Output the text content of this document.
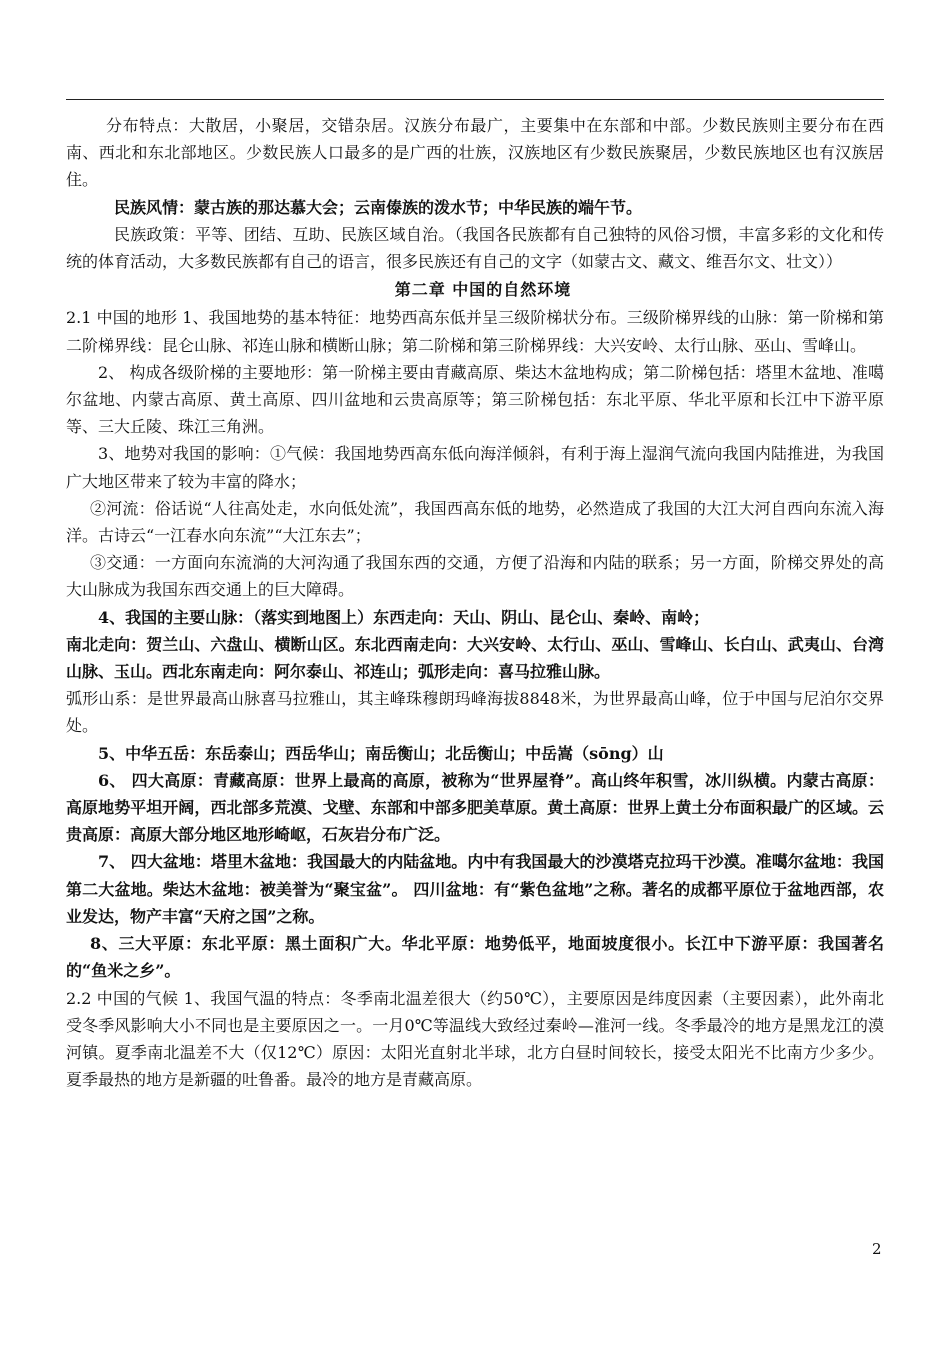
分布特点：大散居，小聚居，交错杂居。汉族分布最广，主要集中在东部和中部。少数民族则主要分布在西南、西北和东北部地区。少数民族人口最多的是广西的壮族，汉族地区有少数民族聚居，少数民族地区也有汉族居住。

民族风情：蒙古族的那达慕大会；云南傣族的泼水节；中华民族的端午节。

民族政策：平等、团结、互助、民族区域自治。（我国各民族都有自己独特的风俗习惯，丰富多彩的文化和传统的体育活动，大多数民族都有自己的语言，很多民族还有自己的文字（如蒙古文、藏文、维吾尔文、壮文））

第二章 中国的自然环境

2.1 中国的地形 1、我国地势的基本特征：地势西高东低并呈三级阶梯状分布。三级阶梯界线的山脉：第一阶梯和第二阶梯界线：昆仑山脉、祁连山脉和横断山脉；第二阶梯和第三阶梯界线：大兴安岭、太行山脉、巫山、雪峰山。

2、 构成各级阶梯的主要地形：第一阶梯主要由青藏高原、柴达木盆地构成；第二阶梯包括：塔里木盆地、准噶尔盆地、内蒙古高原、黄土高原、四川盆地和云贵高原等；第三阶梯包括：东北平原、华北平原和长江中下游平原等、三大丘陵、珠江三角洲。

3、地势对我国的影响：①气候：我国地势西高东低向海洋倾斜，有利于海上湿润气流向我国内陆推进，为我国广大地区带来了较为丰富的降水；

②河流：俗话说“人往高处走，水向低处流”，我国西高东低的地势，必然造成了我国的大江大河自西向东流入海洋。古诗云“一江春水向东流”“大江东去”；

③交通：一方面向东流淌的大河沟通了我国东西的交通，方便了沿海和内陆的联系；另一方面，阶梯交界处的高大山脉成为我国东西交通上的巨大障碍。

4、我国的主要山脉：（落实到地图上）东西走向：天山、阴山、昆仑山、秦岭、南岭；

南北走向：贺兰山、六盘山、横断山区。东北西南走向：大兴安岭、太行山、巫山、雪峰山、长白山、武夷山、台湾山脉、玉山。西北东南走向：阿尔泰山、祁连山；弧形走向：喜马拉雅山脉。

弧形山系：是世界最高山脉喜马拉雅山，其主峰珠穆朗玛峰海拔8848米，为世界最高山峰，位于中国与尼泊尔交界处。

5、中华五岳：东岳泰山；西岳华山；南岳衡山；北岳衡山；中岳嵩（sōng）山

6、 四大高原：青藏高原：世界上最高的高原，被称为“世界屋脊”。高山终年积雪，冰川纵横。内蒙古高原：高原地势平坦开阔，西北部多荒漠、戈壁、东部和中部多肥美草原。黄土高原：世界上黄土分布面积最广的区域。云贵高原：高原大部分地区地形崎岖，石灰岩分布广泛。

7、 四大盆地：塔里木盆地：我国最大的内陆盆地。内中有我国最大的沙漠塔克拉玛干沙漠。准噶尔盆地：我国第二大盆地。柴达木盆地：被美誉为“聚宝盆”。 四川盆地：有“紫色盆地”之称。著名的成都平原位于盆地西部，农业发达，物产丰富“天府之国”之称。

8、三大平原：东北平原：黑土面积广大。华北平原：地势低平，地面坡度很小。长江中下游平原：我国著名的“鱼米之乡”。

2.2 中国的气候 1、我国气温的特点：冬季南北温差很大（约50℃），主要原因是纬度因素（主要因素），此外南北受冬季风影响大小不同也是主要原因之一。一月0℃等温线大致经过秦岭—淮河一线。冬季最冷的地方是黑龙江的漠河镇。夏季南北温差不大（仅12℃）原因：太阳光直射北半球，北方白昼时间较长，接受太阳光不比南方少多少。夏季最热的地方是新疆的吐鲁番。最冷的地方是青藏高原。

2
